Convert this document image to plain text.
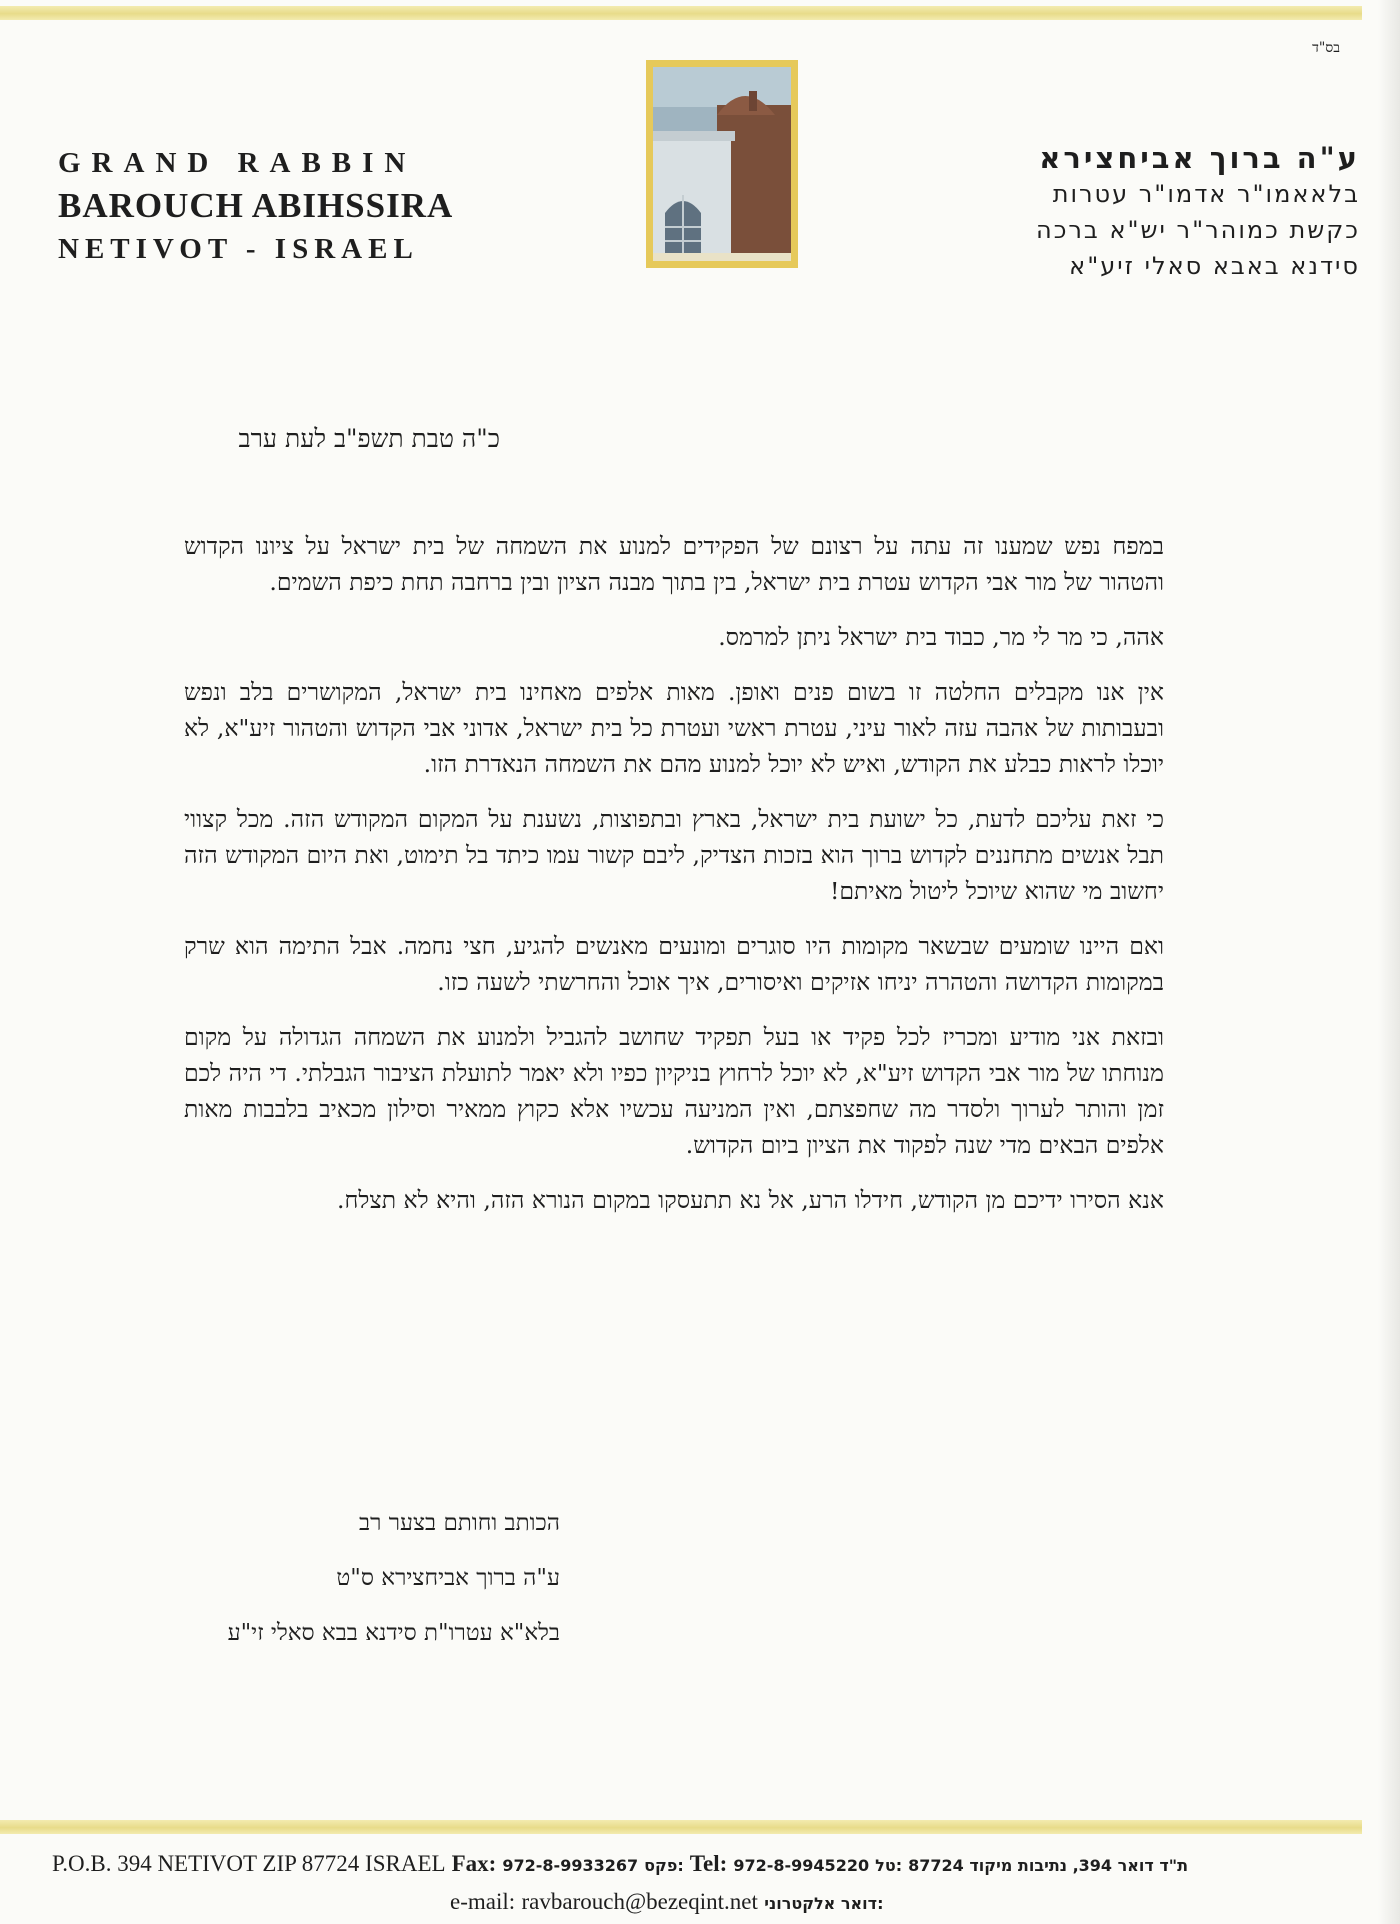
בס"ד
GRAND RABBIN
BAROUCH ABIHSSIRA
NETIVOT - ISRAEL
ע"ה ברוך אביחצירא
בלאאמו"ר אדמו"ר עטרות
כקשת כמוהר"ר יש"א ברכה
סידנא באבא סאלי זיע"א
כ"ה טבת תשפ"ב לעת ערב

במפח נפש שמענו זה עתה על רצונם של הפקידים למנוע את השמחה של בית ישראל על ציונו הקדוש והטהור של מור אבי הקדוש עטרת בית ישראל, בין בתוך מבנה הציון ובין ברחבה תחת כיפת השמים.

אהה, כי מר לי מר, כבוד בית ישראל ניתן למרמס.

אין אנו מקבלים החלטה זו בשום פנים ואופן. מאות אלפים מאחינו בית ישראל, המקושרים בלב ונפש ובעבותות של אהבה עזה לאור עיני, עטרת ראשי ועטרת כל בית ישראל, אדוני אבי הקדוש והטהור זיע"א, לא יוכלו לראות כבלע את הקודש, ואיש לא יוכל למנוע מהם את השמחה הנאדרת הזו.

כי זאת עליכם לדעת, כל ישועת בית ישראל, בארץ ובתפוצות, נשענת על המקום המקודש הזה. מכל קצווי תבל אנשים מתחננים לקדוש ברוך הוא בזכות הצדיק, ליבם קשור עמו כיתד בל תימוט, ואת היום המקודש הזה יחשוב מי שהוא שיוכל ליטול מאיתם!

ואם היינו שומעים שבשאר מקומות היו סוגרים ומונעים מאנשים להגיע, חצי נחמה. אבל התימה הוא שרק במקומות הקדושה והטהרה יניחו אזיקים ואיסורים, איך אוכל והחרשתי לשעה כזו.

ובזאת אני מודיע ומכריז לכל פקיד או בעל תפקיד שחושב להגביל ולמנוע את השמחה הגדולה על מקום מנוחתו של מור אבי הקדוש זיע"א, לא יוכל לרחוץ בניקיון כפיו ולא יאמר לתועלת הציבור הגבלתי. די היה לכם זמן והותר לערוך ולסדר מה שחפצתם, ואין המניעה עכשיו אלא כקוץ ממאיר וסילון מכאיב בלבבות מאות אלפים הבאים מדי שנה לפקוד את הציון ביום הקדוש.

אנא הסירו ידיכם מן הקודש, חידלו הרע, אל נא תתעסקו במקום הנורא הזה, והיא לא תצלח.

הכותב וחותם בצער רב
ע"ה ברוך אביחצירא ס"ט
בלא"א עטרו"ת סידנא בבא סאלי זי"ע
P.O.B. 394 NETIVOT ZIP 87724 ISRAEL Fax: 972-8-9933267 :פקס Tel: 972-8-9945220 :טל ת"ד דואר 394, נתיבות מיקוד 87724
e-mail: ravbarouch@bezeqint.net :דואר אלקטרוני
